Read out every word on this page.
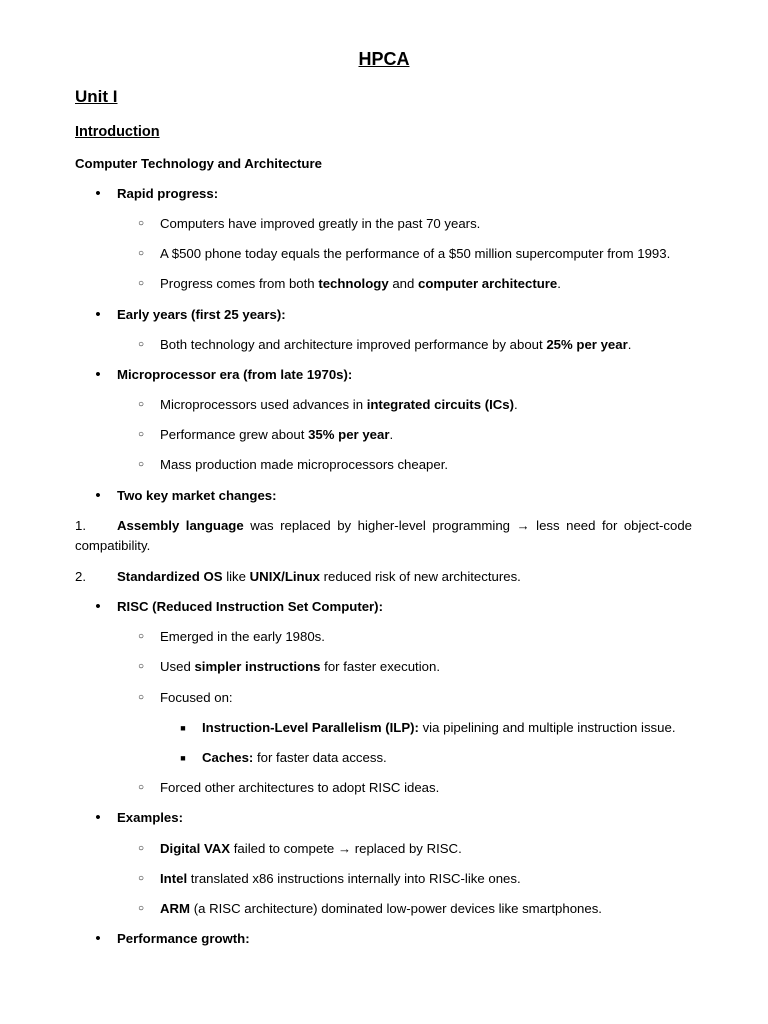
HPCA
Unit I
Introduction
Computer Technology and Architecture
• Rapid progress:
○ Computers have improved greatly in the past 70 years.
○ A $500 phone today equals the performance of a $50 million supercomputer from 1993.
○ Progress comes from both technology and computer architecture.
• Early years (first 25 years):
○ Both technology and architecture improved performance by about 25% per year.
• Microprocessor era (from late 1970s):
○ Microprocessors used advances in integrated circuits (ICs).
○ Performance grew about 35% per year.
○ Mass production made microprocessors cheaper.
• Two key market changes:
1. Assembly language was replaced by higher-level programming → less need for object-code compatibility.
2. Standardized OS like UNIX/Linux reduced risk of new architectures.
• RISC (Reduced Instruction Set Computer):
○ Emerged in the early 1980s.
○ Used simpler instructions for faster execution.
○ Focused on:
■ Instruction-Level Parallelism (ILP): via pipelining and multiple instruction issue.
■ Caches: for faster data access.
○ Forced other architectures to adopt RISC ideas.
• Examples:
○ Digital VAX failed to compete → replaced by RISC.
○ Intel translated x86 instructions internally into RISC-like ones.
○ ARM (a RISC architecture) dominated low-power devices like smartphones.
• Performance growth:
